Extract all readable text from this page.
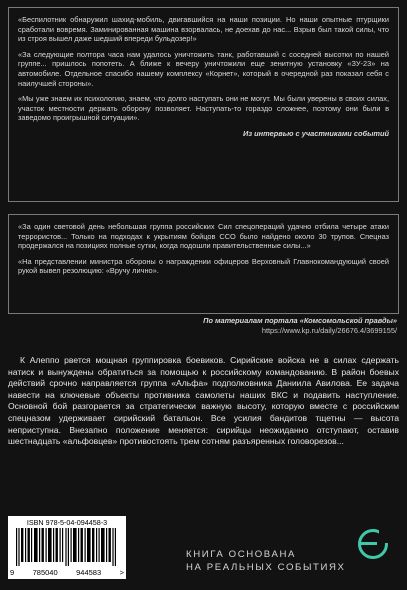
«Беспилотник обнаружил шахид-мобиль, двигавшийся на наши позиции. Но наши опытные птурщики сработали вовремя. Заминированная машина взорвалась, не доехав до нас... Взрыв был такой силы, что из строя вышел даже шедший впереди бульдозер!»

«За следующие полтора часа нам удалось уничтожить танк, работавший с соседней высотки по нашей группе... пришлось попотеть. А ближе к вечеру уничтожили еще зенитную установку «ЗУ-23» на автомобиле. Отдельное спасибо нашему комплексу «Корнет», который в очередной раз показал себя с наилучшей стороны».

«Мы уже знаем их психологию, знаем, что долго наступать они не могут. Мы были уверены в своих силах, участок местности держать оборону позволяет. Наступать-то гораздо сложнее, поэтому они были в заведомо проигрышной ситуации».

Из интервью с участниками событий

«За один световой день небольшая группа российских Сил спецопераций удачно отбила четыре атаки террористов... Только на подходах к укрытиям бойцов ССО было найдено около 30 трупов. Спецназ продержался на позициях полные сутки, когда подошли правительственные силы...»

«На представлении министра обороны о награждении офицеров Верховный Главнокомандующий своей рукой вывел резолюцию: «Вручу лично».

По материалам портала «Комсомольской правды»
https://www.kp.ru/daily/26676.4/3699155/

К Алеппо рвется мощная группировка боевиков. Сирийские войска не в силах сдержать натиск и вынуждены обратиться за помощью к российскому командованию. В район боевых действий срочно направляется группа «Альфа» подполковника Даниила Авилова. Ее задача навести на ключевые объекты противника самолеты наших ВКС и подавить наступление. Основной бой разгорается за стратегически важную высоту, которую вместе с российским спецназом удерживает сирийский батальон. Все усилия бандитов тщетны — высота неприступна. Внезапно положение меняется: сирийцы неожиданно отступают, оставив шестнадцать «альфовцев» противостоять трем сотням разъяренных головорезов...

ISBN 978-5-04-094458-3
9 785040 944583 >
КНИГА ОСНОВАНА
НА РЕАЛЬНЫХ СОБЫТИЯХ
